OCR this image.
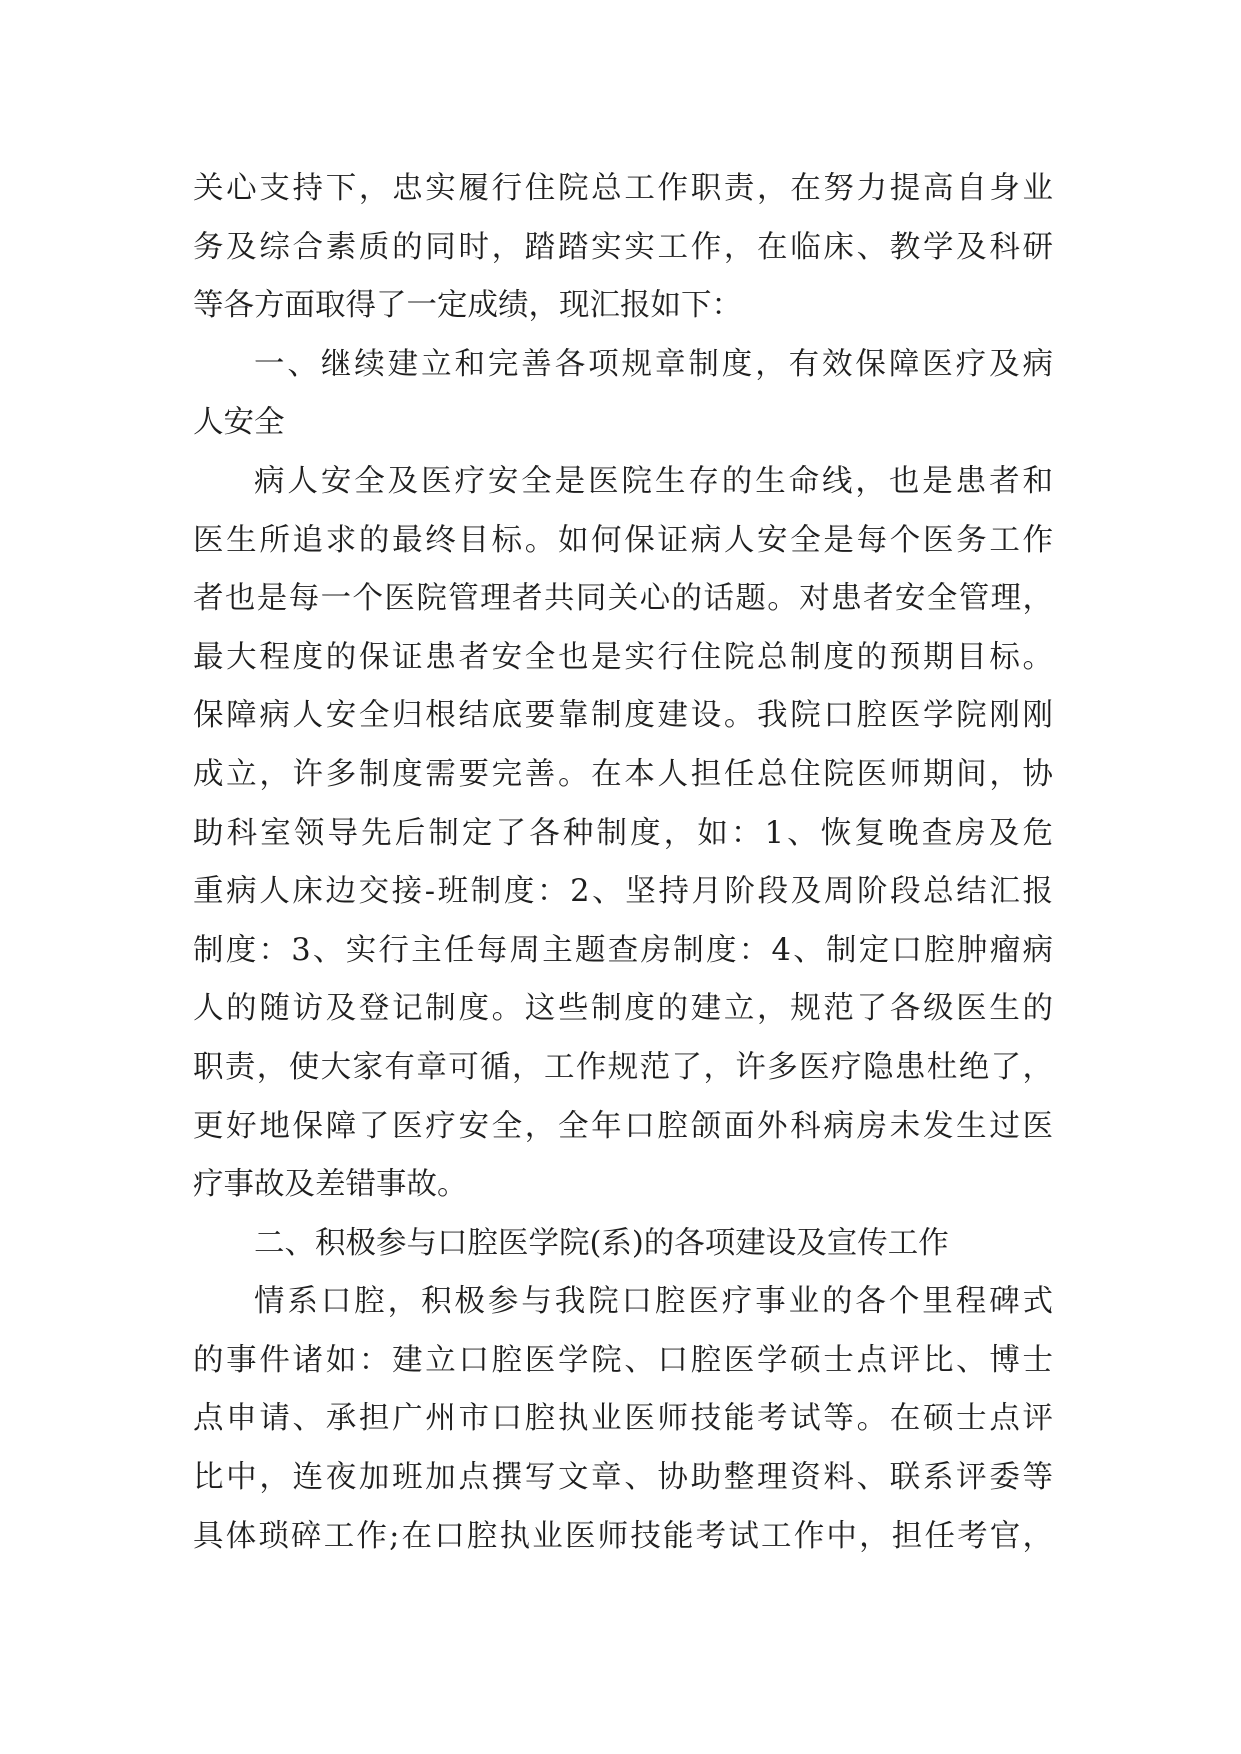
关心支持下，忠实履行住院总工作职责，在努力提高自身业
务及综合素质的同时，踏踏实实工作，在临床、教学及科研
等各方面取得了一定成绩，现汇报如下：
一、继续建立和完善各项规章制度，有效保障医疗及病
人安全
病人安全及医疗安全是医院生存的生命线，也是患者和
医生所追求的最终目标。如何保证病人安全是每个医务工作
者也是每一个医院管理者共同关心的话题。对患者安全管理，
最大程度的保证患者安全也是实行住院总制度的预期目标。
保障病人安全归根结底要靠制度建设。我院口腔医学院刚刚
成立，许多制度需要完善。在本人担任总住院医师期间，协
助科室领导先后制定了各种制度，如：1、恢复晚查房及危
重病人床边交接-班制度：2、坚持月阶段及周阶段总结汇报
制度：3、实行主任每周主题查房制度：4、制定口腔肿瘤病
人的随访及登记制度。这些制度的建立，规范了各级医生的
职责，使大家有章可循，工作规范了，许多医疗隐患杜绝了，
更好地保障了医疗安全，全年口腔颌面外科病房未发生过医
疗事故及差错事故。
二、积极参与口腔医学院(系)的各项建设及宣传工作
情系口腔，积极参与我院口腔医疗事业的各个里程碑式
的事件诸如：建立口腔医学院、口腔医学硕士点评比、博士
点申请、承担广州市口腔执业医师技能考试等。在硕士点评
比中，连夜加班加点撰写文章、协助整理资料、联系评委等
具体琐碎工作;在口腔执业医师技能考试工作中，担任考官，
